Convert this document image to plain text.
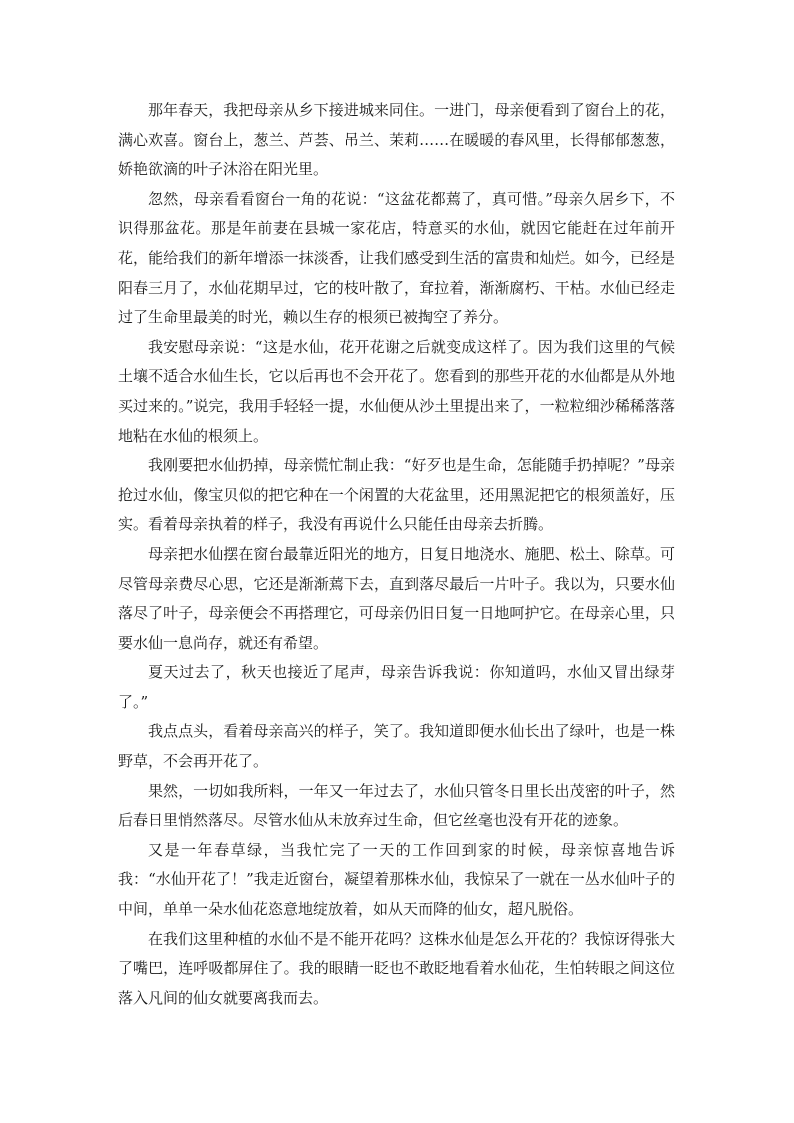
那年春天，我把母亲从乡下接进城来同住。一进门，母亲便看到了窗台上的花，满心欢喜。窗台上，葱兰、芦荟、吊兰、茉莉……在暖暖的春风里，长得郁郁葱葱，娇艳欲滴的叶子沐浴在阳光里。

忽然，母亲看看窗台一角的花说：“这盆花都蔫了，真可惜。”母亲久居乡下，不识得那盆花。那是年前妻在县城一家花店，特意买的水仙，就因它能赶在过年前开花，能给我们的新年增添一抹淡香，让我们感受到生活的富贵和灿烂。如今，已经是阳春三月了，水仙花期早过，它的枝叶散了，耷拉着，渐渐腐朽、干枯。水仙已经走过了生命里最美的时光，赖以生存的根须已被掏空了养分。

我安慰母亲说：“这是水仙，花开花谢之后就变成这样了。因为我们这里的气候土壤不适合水仙生长，它以后再也不会开花了。您看到的那些开花的水仙都是从外地买过来的。”说完，我用手轻轻一提，水仙便从沙土里提出来了，一粒粒细沙稀稀落落地粘在水仙的根须上。

我刚要把水仙扔掉，母亲慌忙制止我：“好歹也是生命，怎能随手扔掉呢？”母亲抢过水仙，像宝贝似的把它种在一个闲置的大花盆里，还用黑泥把它的根须盖好，压实。看着母亲执着的样子，我没有再说什么只能任由母亲去折腾。

母亲把水仙摆在窗台最靠近阳光的地方，日复日地浇水、施肥、松土、除草。可尽管母亲费尽心思，它还是渐渐蔫下去，直到落尽最后一片叶子。我以为，只要水仙落尽了叶子，母亲便会不再搭理它，可母亲仍旧日复一日地呵护它。在母亲心里，只要水仙一息尚存，就还有希望。

夏天过去了，秋天也接近了尾声，母亲告诉我说：你知道吗，水仙又冒出绿芽了。”

我点点头，看着母亲高兴的样子，笑了。我知道即便水仙长出了绿叶，也是一株野草，不会再开花了。

果然，一切如我所料，一年又一年过去了，水仙只管冬日里长出茂密的叶子，然后春日里悄然落尽。尽管水仙从未放弃过生命，但它丝毫也没有开花的迹象。

又是一年春草绿，当我忙完了一天的工作回到家的时候，母亲惊喜地告诉我：“水仙开花了！”我走近窗台，凝望着那株水仙，我惊呆了一就在一丛水仙叶子的中间，单单一朵水仙花恣意地绽放着，如从天而降的仙女，超凡脱俗。

在我们这里种植的水仙不是不能开花吗？这株水仙是怎么开花的？我惊讶得张大了嘴巴，连呼吸都屏住了。我的眼睛一眨也不敢眨地看着水仙花，生怕转眼之间这位落入凡间的仙女就要离我而去。
